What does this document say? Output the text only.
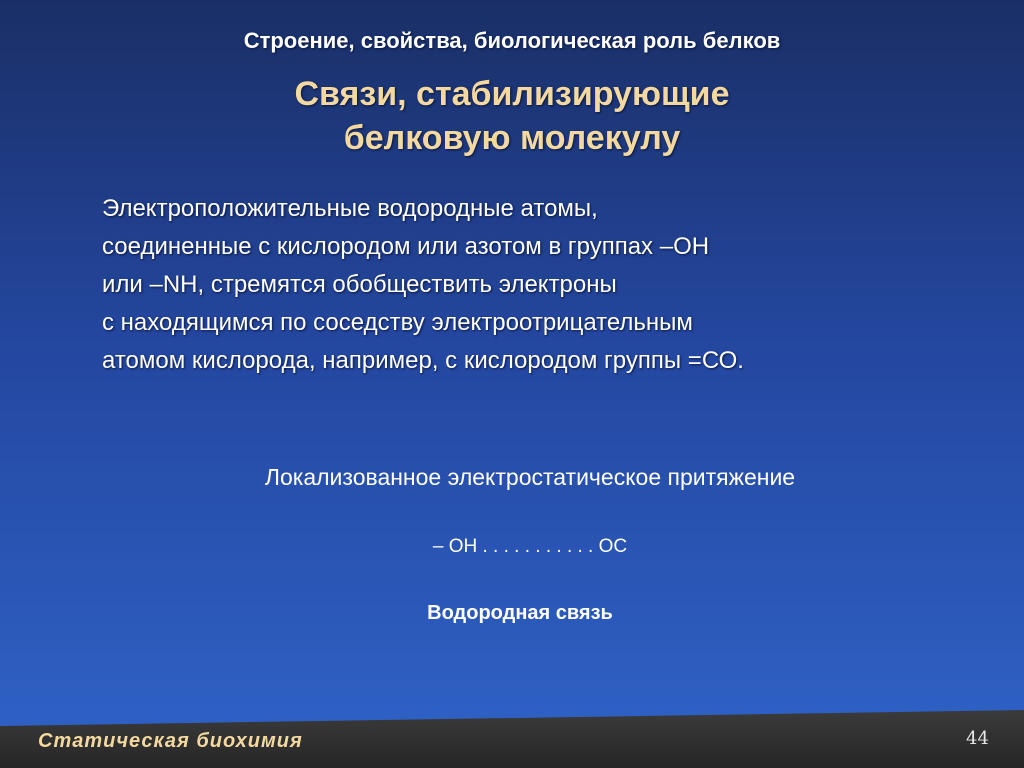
Строение, свойства, биологическая роль белков
Связи, стабилизирующие
белковую молекулу
Электроположительные водородные атомы,
соединенные с кислородом или азотом в группах –ОН
или –NH, стремятся обобществить электроны
с находящимся по соседству электроотрицательным
атомом кислорода, например, с кислородом группы =СО.
Локализованное электростатическое притяжение
– OH . . . . . . . . . . . OC
Водородная связь
Статическая биохимия	44
